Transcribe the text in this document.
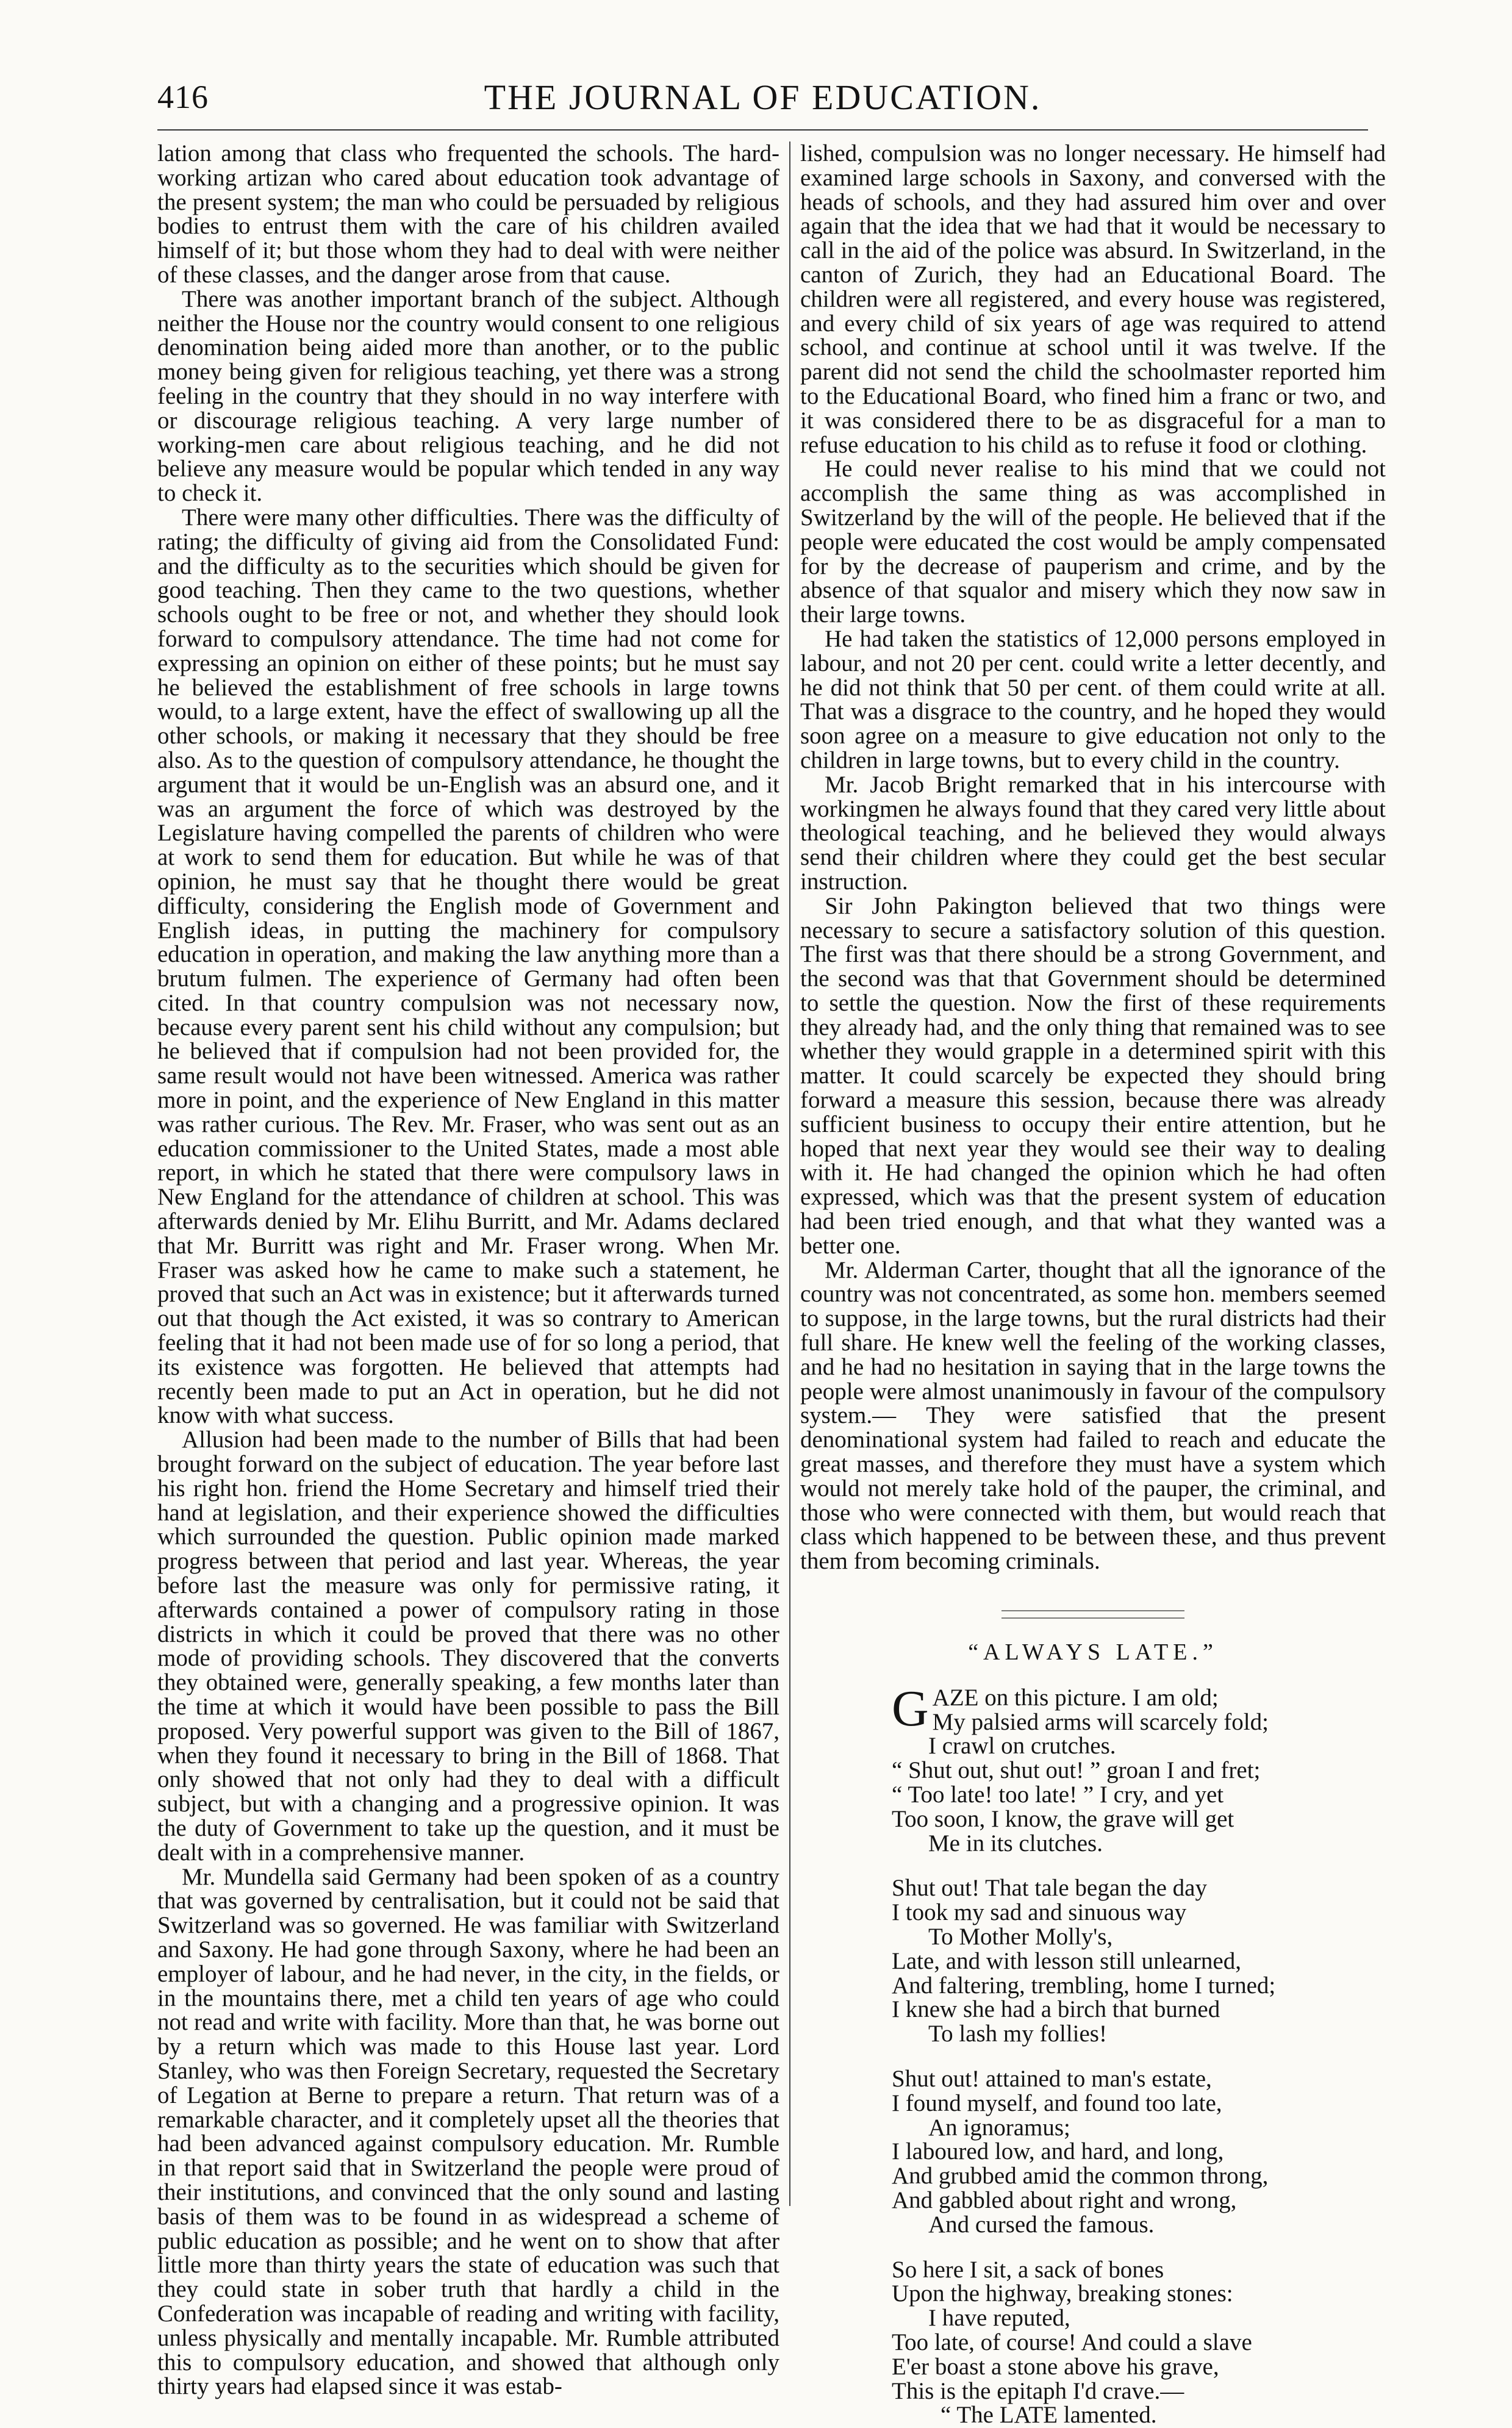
416	THE JOURNAL OF EDUCATION.

lation among that class who frequented the schools. The hard-working artizan who cared about education took advantage of the present system; the man who could be persuaded by religious bodies to entrust them with the care of his children availed himself of it; but those whom they had to deal with were neither of these classes, and the danger arose from that cause.

There was another important branch of the subject. Although neither the House nor the country would consent to one religious denomination being aided more than another, or to the public money being given for religious teaching, yet there was a strong feeling in the country that they should in no way interfere with or discourage religious teaching. A very large number of working-men care about religious teaching, and he did not believe any measure would be popular which tended in any way to check it.

There were many other difficulties. There was the difficulty of rating; the difficulty of giving aid from the Consolidated Fund: and the difficulty as to the securities which should be given for good teaching. Then they came to the two questions, whether schools ought to be free or not, and whether they should look forward to compulsory attendance. The time had not come for expressing an opinion on either of these points; but he must say he believed the establishment of free schools in large towns would, to a large extent, have the effect of swallowing up all the other schools, or making it necessary that they should be free also. As to the question of compulsory attendance, he thought the argument that it would be un-English was an absurd one, and it was an argument the force of which was destroyed by the Legislature having compelled the parents of children who were at work to send them for education. But while he was of that opinion, he must say that he thought there would be great difficulty, considering the English mode of Government and English ideas, in putting the machinery for compulsory education in operation, and making the law anything more than a brutum fulmen. The experience of Germany had often been cited. In that country compulsion was not necessary now, because every parent sent his child without any compulsion; but he believed that if compulsion had not been provided for, the same result would not have been witnessed. America was rather more in point, and the experience of New England in this matter was rather curious. The Rev. Mr. Fraser, who was sent out as an education commissioner to the United States, made a most able report, in which he stated that there were compulsory laws in New England for the attendance of children at school. This was afterwards denied by Mr. Elihu Burritt, and Mr. Adams declared that Mr. Burritt was right and Mr. Fraser wrong. When Mr. Fraser was asked how he came to make such a statement, he proved that such an Act was in existence; but it afterwards turned out that though the Act existed, it was so contrary to American feeling that it had not been made use of for so long a period, that its existence was forgotten. He believed that attempts had recently been made to put an Act in operation, but he did not know with what success.

Allusion had been made to the number of Bills that had been brought forward on the subject of education. The year before last his right hon. friend the Home Secretary and himself tried their hand at legislation, and their experience showed the difficulties which surrounded the question. Public opinion made marked progress between that period and last year. Whereas, the year before last the measure was only for permissive rating, it afterwards contained a power of compulsory rating in those districts in which it could be proved that there was no other mode of providing schools. They discovered that the converts they obtained were, generally speaking, a few months later than the time at which it would have been possible to pass the Bill proposed. Very powerful support was given to the Bill of 1867, when they found it necessary to bring in the Bill of 1868. That only showed that not only had they to deal with a difficult subject, but with a changing and a progressive opinion. It was the duty of Government to take up the question, and it must be dealt with in a comprehensive manner.

Mr. Mundella said Germany had been spoken of as a country that was governed by centralisation, but it could not be said that Switzerland was so governed. He was familiar with Switzerland and Saxony. He had gone through Saxony, where he had been an employer of labour, and he had never, in the city, in the fields, or in the mountains there, met a child ten years of age who could not read and write with facility. More than that, he was borne out by a return which was made to this House last year. Lord Stanley, who was then Foreign Secretary, requested the Secretary of Legation at Berne to prepare a return. That return was of a remarkable character, and it completely upset all the theories that had been advanced against compulsory education. Mr. Rumble in that report said that in Switzerland the people were proud of their institutions, and convinced that the only sound and lasting basis of them was to be found in as widespread a scheme of public education as possible; and he went on to show that after little more than thirty years the state of education was such that they could state in sober truth that hardly a child in the Confederation was incapable of reading and writing with facility, unless physically and mentally incapable. Mr. Rumble attributed this to compulsory education, and showed that although only thirty years had elapsed since it was estab-

lished, compulsion was no longer necessary. He himself had examined large schools in Saxony, and conversed with the heads of schools, and they had assured him over and over again that the idea that we had that it would be necessary to call in the aid of the police was absurd. In Switzerland, in the canton of Zurich, they had an Educational Board. The children were all registered, and every house was registered, and every child of six years of age was required to attend school, and continue at school until it was twelve. If the parent did not send the child the schoolmaster reported him to the Educational Board, who fined him a franc or two, and it was considered there to be as disgraceful for a man to refuse education to his child as to refuse it food or clothing.

He could never realise to his mind that we could not accomplish the same thing as was accomplished in Switzerland by the will of the people. He believed that if the people were educated the cost would be amply compensated for by the decrease of pauperism and crime, and by the absence of that squalor and misery which they now saw in their large towns.

He had taken the statistics of 12,000 persons employed in labour, and not 20 per cent. could write a letter decently, and he did not think that 50 per cent. of them could write at all. That was a disgrace to the country, and he hoped they would soon agree on a measure to give education not only to the children in large towns, but to every child in the country.

Mr. Jacob Bright remarked that in his intercourse with workingmen he always found that they cared very little about theological teaching, and he believed they would always send their children where they could get the best secular instruction.

Sir John Pakington believed that two things were necessary to secure a satisfactory solution of this question. The first was that there should be a strong Government, and the second was that that Government should be determined to settle the question. Now the first of these requirements they already had, and the only thing that remained was to see whether they would grapple in a determined spirit with this matter. It could scarcely be expected they should bring forward a measure this session, because there was already sufficient business to occupy their entire attention, but he hoped that next year they would see their way to dealing with it. He had changed the opinion which he had often expressed, which was that the present system of education had been tried enough, and that what they wanted was a better one.

Mr. Alderman Carter, thought that all the ignorance of the country was not concentrated, as some hon. members seemed to suppose, in the large towns, but the rural districts had their full share. He knew well the feeling of the working classes, and he had no hesitation in saying that in the large towns the people were almost unanimously in favour of the compulsory system.— They were satisfied that the present denominational system had failed to reach and educate the great masses, and therefore they must have a system which would not merely take hold of the pauper, the criminal, and those who were connected with them, but would reach that class which happened to be between these, and thus prevent them from becoming criminals.

“ALWAYS LATE.”
G AZE on this picture. I am old;
My palsied arms will scarcely fold;
I crawl on crutches.
“ Shut out, shut out! ” groan I and fret;
“ Too late! too late! ” I cry, and yet
Too soon, I know, the grave will get
Me in its clutches.
Shut out! That tale began the day
I took my sad and sinuous way
To Mother Molly's,
Late, and with lesson still unlearned,
And faltering, trembling, home I turned;
I knew she had a birch that burned
To lash my follies!
Shut out! attained to man's estate,
I found myself, and found too late,
An ignoramus;
I laboured low, and hard, and long,
And grubbed amid the common throng,
And gabbled about right and wrong,
And cursed the famous.
So here I sit, a sack of bones
Upon the highway, breaking stones:
I have reputed,
Too late, of course! And could a slave
E'er boast a stone above his grave,
This is the epitaph I'd crave.—
“ The LATE lamented.
